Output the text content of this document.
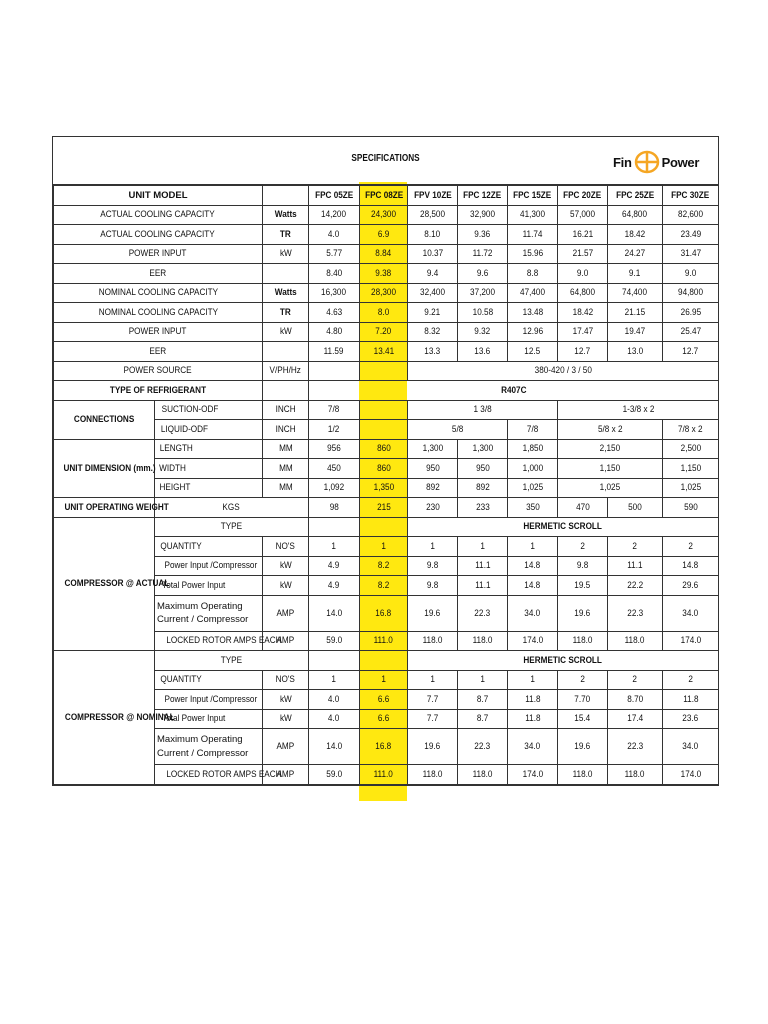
SPECIFICATIONS	Fin Power
UNIT MODEL			FPC 05ZE	FPC 08ZE	FPV 10ZE	FPC 12ZE	FPC 15ZE	FPC 20ZE	FPC 25ZE	FPC 30ZE
ACTUAL COOLING CAPACITY		Watts	14,200	24,300	28,500	32,900	41,300	57,000	64,800	82,600
ACTUAL COOLING CAPACITY		TR	4.0	6.9	8.10	9.36	11.74	16.21	18.42	23.49
POWER INPUT		kW	5.77	8.84	10.37	11.72	15.96	21.57	24.27	31.47
EER			8.40	9.38	9.4	9.6	8.8	9.0	9.1	9.0
NOMINAL COOLING CAPACITY		Watts	16,300	28,300	32,400	37,200	47,400	64,800	74,400	94,800
NOMINAL COOLING CAPACITY		TR	4.63	8.0	9.21	10.58	13.48	18.42	21.15	26.95
POWER INPUT		kW	4.80	7.20	8.32	9.32	12.96	17.47	19.47	25.47
EER			11.59	13.41	13.3	13.6	12.5	12.7	13.0	12.7
POWER SOURCE		V/PH/Hz			380-420 / 3 / 50					
TYPE OF REFRIGERANT			R407C							
CONNECTIONS	SUCTION-ODF	INCH	7/8		1 3/8			1-3/8 x 2		
	LIQUID-ODF	INCH	1/2		5/8		7/8	5/8 x 2		7/8 x 2
UNIT DIMENSION (mm.)	LENGTH	MM	956	860	1,300	1,300	1,850	2,150		2,500
	WIDTH	MM	450	860	950	950	1,000	1,150		1,150
	HEIGHT	MM	1,092	1,350	892	892	1,025	1,025		1,025
UNIT OPERATING WEIGHT	KGS		98	215	230	233	350	470	500	590
COMPRESSOR @ ACTUAL	TYPE				HERMETIC SCROLL					
	QUANTITY	NO'S	1	1	1	1	1	2	2	2
	Power Input /Compressor	kW	4.9	8.2	9.8	11.1	14.8	9.8	11.1	14.8
	Total Power Input	kW	4.9	8.2	9.8	11.1	14.8	19.5	22.2	29.6
	Maximum Operating Current / Compressor	AMP	14.0	16.8	19.6	22.3	34.0	19.6	22.3	34.0
	LOCKED ROTOR AMPS EACH	AMP	59.0	111.0	118.0	118.0	174.0	118.0	118.0	174.0
COMPRESSOR @ NOMINAL	TYPE				HERMETIC SCROLL					
	QUANTITY	NO'S	1	1	1	1	1	2	2	2
	Power Input /Compressor	kW	4.0	6.6	7.7	8.7	11.8	7.70	8.70	11.8
	Total Power Input	kW	4.0	6.6	7.7	8.7	11.8	15.4	17.4	23.6
	Maximum Operating Current / Compressor	AMP	14.0	16.8	19.6	22.3	34.0	19.6	22.3	34.0
	LOCKED ROTOR AMPS EACH	AMP	59.0	111.0	118.0	118.0	174.0	118.0	118.0	174.0
